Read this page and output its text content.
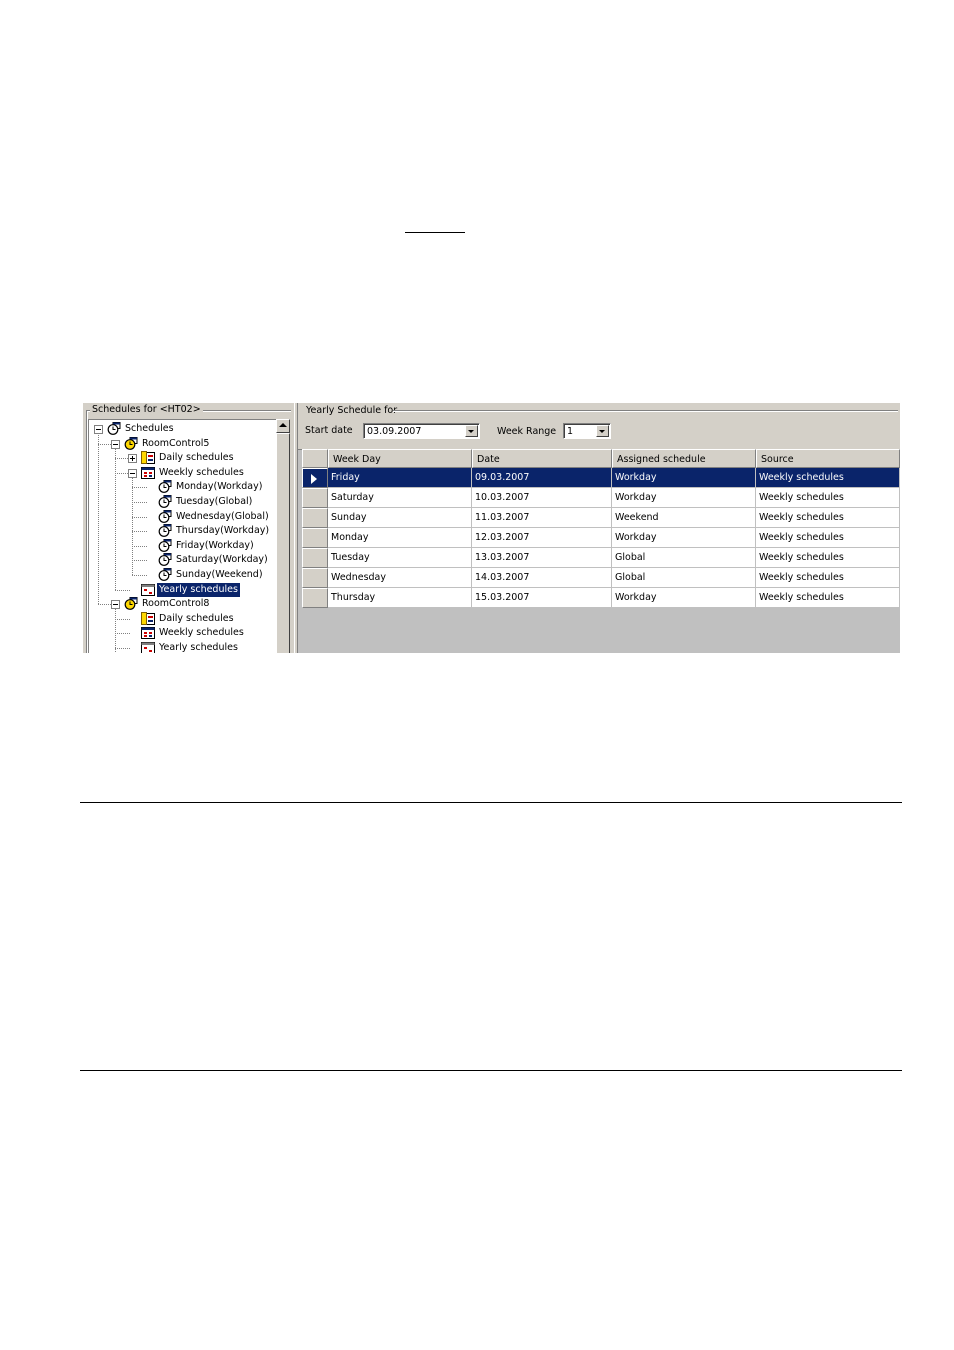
Schedules for <HT02>
Schedules
RoomControl5
Daily schedules
Weekly schedules
Monday(Workday)
Tuesday(Global)
Wednesday(Global)
Thursday(Workday)
Friday(Workday)
Saturday(Workday)
Sunday(Weekend)
Yearly schedules
RoomControl8
Daily schedules
Weekly schedules
Yearly schedules
Yearly Schedule for
Start date 03.09.2007	Week Range 1
Week Day	Date	Assigned schedule	Source
Friday	09.03.2007	Workday	Weekly schedules
Saturday	10.03.2007	Workday	Weekly schedules
Sunday	11.03.2007	Weekend	Weekly schedules
Monday	12.03.2007	Workday	Weekly schedules
Tuesday	13.03.2007	Global	Weekly schedules
Wednesday	14.03.2007	Global	Weekly schedules
Thursday	15.03.2007	Workday	Weekly schedules
